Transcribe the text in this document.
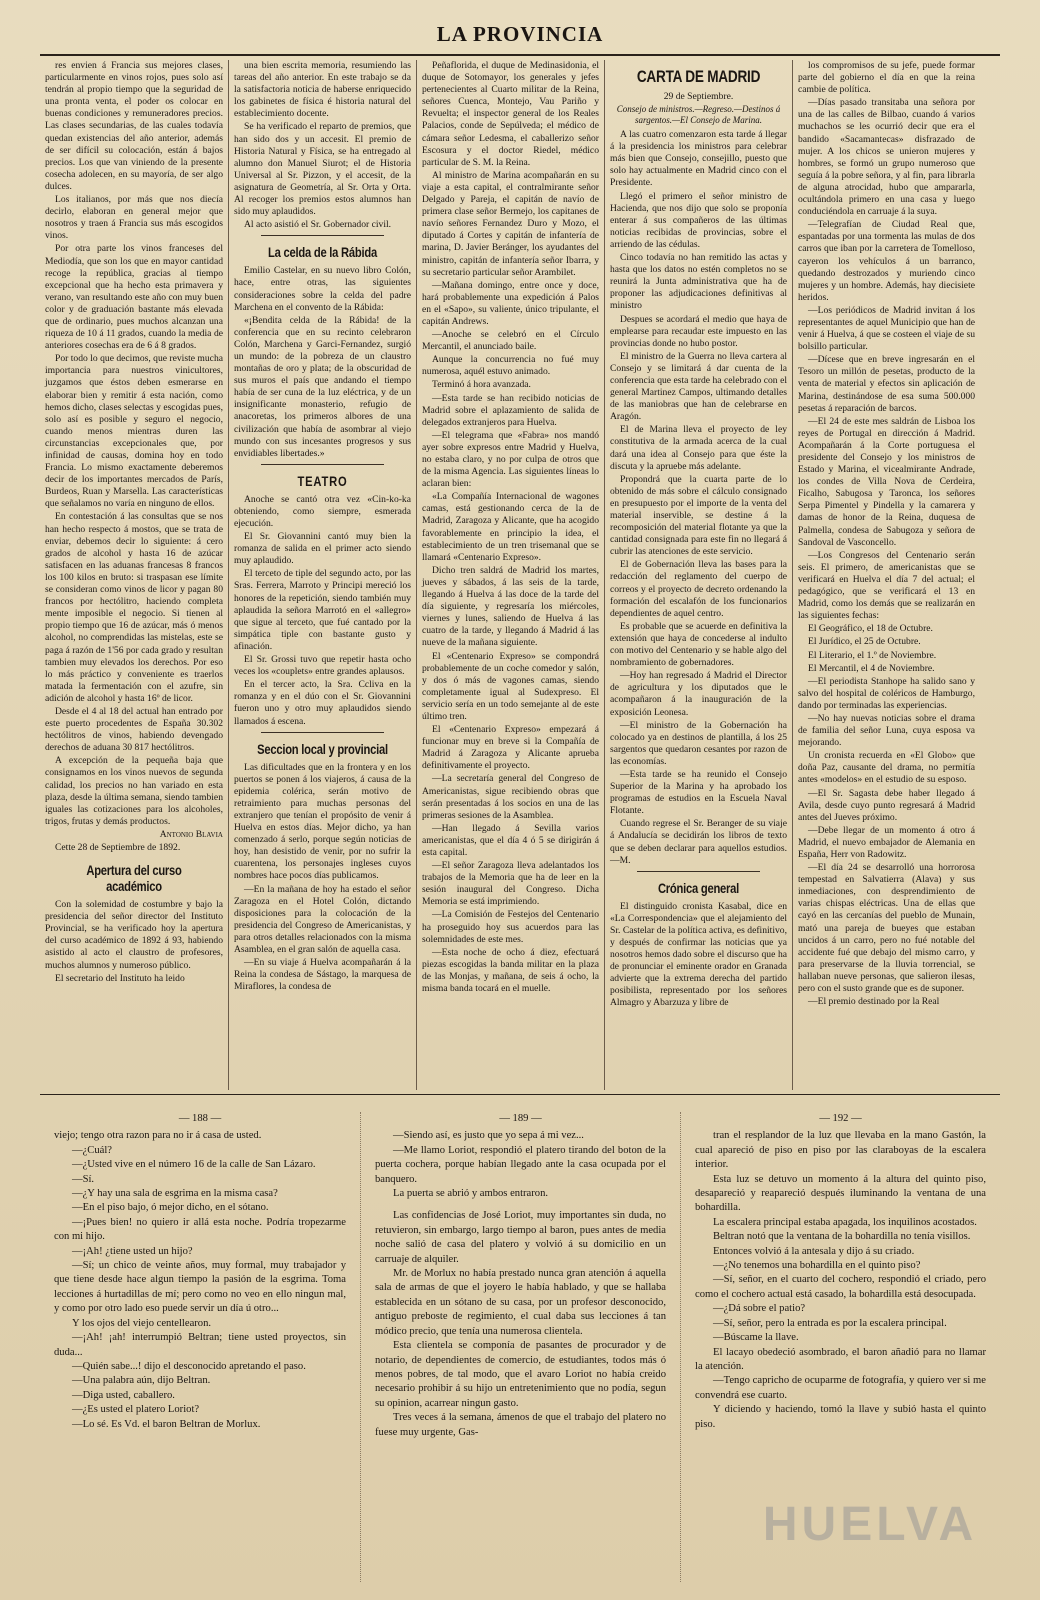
LA PROVINCIA

res envien á Francia sus mejores clases, particularmente en vinos rojos, pues solo así tendrán al propio tiempo que la seguridad de una pronta venta, el poder os colocar en buenas condiciones y remuneradores precios. Las clases secundarias, de las cuales todavía quedan existencias del año anterior, además de ser difícil su colocación, están á bajos precios. Los que van viniendo de la presente cosecha adolecen, en su mayoría, de ser algo dulces.

Los italianos, por más que nos diecía decirlo, elaboran en general mejor que nosotros y traen á Francia sus más escogidos vinos.

Por otra parte los vinos franceses del Mediodía, que son los que en mayor cantidad recoge la república, gracias al tiempo excepcional que ha hecho esta primavera y verano, van resultando este año con muy buen color y de graduación bastante más elevada que de ordinario, pues muchos alcanzan una riqueza de 10 á 11 grados, cuando la media de anteriores cosechas era de 6 á 8 grados.

Por todo lo que decimos, que reviste mucha importancia para nuestros vinicultores, juzgamos que éstos deben esmerarse en elaborar bien y remitir á esta nación, como hemos dicho, clases selectas y escogidas pues, solo así es posible y seguro el negocio, cuando menos mientras duren las circunstancias excepcionales que, por infinidad de causas, domina hoy en todo Francia. Lo mismo exactamente deberemos decir de los importantes mercados de París, Burdeos, Ruan y Marsella. Las características que señalamos no varía en ninguno de ellos.

En contestación á las consultas que se nos han hecho respecto á mostos, que se trata de enviar, debemos decir lo siguiente: á cero grados de alcohol y hasta 16 de azúcar satisfacen en las aduanas francesas 8 francos los 100 kilos en bruto: si traspasan ese límite se consideran como vinos de licor y pagan 80 francos por hectólitro, haciendo completa mente imposible el negocio. Si tienen al propio tiempo que 16 de azúcar, más ó menos alcohol, no comprendidas las mistelas, este se paga á razón de 1'56 por cada grado y resultan tambien muy elevados los derechos. Por eso lo más práctico y conveniente es traerlos matada la fermentación con el azufre, sin adición de alcohol y hasta 16º de licor.

Desde el 4 al 18 del actual han entrado por este puerto procedentes de España 30.302 hectólitros de vinos, habiendo devengado derechos de aduana 30 817 hectólitros.

A excepción de la pequeña baja que consignamos en los vinos nuevos de segunda calidad, los precios no han variado en esta plaza, desde la última semana, siendo tambien iguales las cotizaciones para los alcoholes, trigos, frutas y demás productos.

Antonio Blavia
Cette 28 de Septiembre de 1892.
Apertura del curso académico

Con la solemidad de costumbre y bajo la presidencia del señor director del Instituto Provincial, se ha verificado hoy la apertura del curso académico de 1892 á 93, habiendo asistido al acto el claustro de profesores, muchos alumnos y numeroso público.

El secretario del Instituto ha leido

una bien escrita memoria, resumiendo las tareas del año anterior. En este trabajo se da la satisfactoria noticia de haberse enriquecido los gabinetes de física é historia natural del establecimiento docente.

Se ha verificado el reparto de premios, que han sido dos y un accesit. El premio de Historia Natural y Física, se ha entregado al alumno don Manuel Siurot; el de Historia Universal al Sr. Pizzon, y el accesit, de la asignatura de Geometría, al Sr. Orta y Orta. Al recoger los premios estos alumnos han sido muy aplaudidos.

Al acto asistió el Sr. Gobernador civil.

La celda de la Rábida

Emilio Castelar, en su nuevo libro Colón, hace, entre otras, las siguientes consideraciones sobre la celda del padre Marchena en el convento de la Rábida:

«¡Bendita celda de la Rábida! de la conferencia que en su recinto celebraron Colón, Marchena y Garci-Fernandez, surgió un mundo: de la pobreza de un claustro montañas de oro y plata; de la obscuridad de sus muros el país que andando el tiempo había de ser cuna de la luz eléctrica, y de un insignificante monasterio, refugio de anacoretas, los primeros albores de una civilización que había de asombrar al viejo mundo con sus incesantes progresos y sus envidiables libertades.»

TEATRO

Anoche se cantó otra vez «Cin-ko-ka obteniendo, como siempre, esmerada ejecución.

El Sr. Giovannini cantó muy bien la romanza de salida en el primer acto siendo muy aplaudido.

El terceto de tiple del segundo acto, por las Sras. Ferrera, Marroto y Principi mereció los honores de la repetición, siendo también muy aplaudida la señora Marrotó en el «allegro» que sigue al terceto, que fué cantado por la simpática tiple con bastante gusto y afinación.

El Sr. Grossi tuvo que repetir hasta ocho veces los «couplets» entre grandes aplausos.

En el tercer acto, la Sra. Ccliva en la romanza y en el dúo con el Sr. Giovannini fueron uno y otro muy aplaudidos siendo llamados á escena.

Seccion local y provincial

Las dificultades que en la frontera y en los puertos se ponen á los viajeros, á causa de la epidemia colérica, serán motivo de retraimiento para muchas personas del extranjero que tenían el propósito de venir á Huelva en estos días. Mejor dicho, ya han comenzado á serlo, porque según noticias de hoy, han desistido de venir, por no sufrir la cuarentena, los personajes ingleses cuyos nombres hace pocos días publicamos.

—En la mañana de hoy ha estado el señor Zaragoza en el Hotel Colón, dictando disposiciones para la colocación de la presidencia del Congreso de Americanistas, y para otros detalles relacionados con la misma Asamblea, en el gran salón de aquella casa.

—En su viaje á Huelva acompañarán á la Reina la condesa de Sástago, la marquesa de Miraflores, la condesa de

Peñaflorida, el duque de Medinasidonia, el duque de Sotomayor, los generales y jefes pertenecientes al Cuarto militar de la Reina, señores Cuenca, Montejo, Vau Pariño y Revuelta; el inspector general de los Reales Palacios, conde de Sepúlveda; el médico de cámara señor Ledesma, el caballerizo señor Escosura y el doctor Riedel, médico particular de S. M. la Reina.

Al ministro de Marina acompañarán en su viaje a esta capital, el contralmirante señor Delgado y Pareja, el capitán de navío de primera clase señor Bermejo, los capitanes de navío señores Fernandez Duro y Mozo, el diputado á Cortes y capitán de infantería de marina, D. Javier Beránger, los ayudantes del ministro, capitán de infantería señor Ibarra, y su secretario particular señor Arambilet.

—Mañana domingo, entre once y doce, hará probablemente una expedición á Palos en el «Sapo», su valiente, único tripulante, el capitán Andrews.

—Anoche se celebró en el Círculo Mercantil, el anunciado baile.

Aunque la concurrencia no fué muy numerosa, aquél estuvo animado.

Terminó á hora avanzada.

—Esta tarde se han recibido noticias de Madrid sobre el aplazamiento de salida de delegados extranjeros para Huelva.

—El telegrama que «Fabra» nos mandó ayer sobre expresos entre Madrid y Huelva, no estaba claro, y no por culpa de otros que de la misma Agencia. Las siguientes líneas lo aclaran bien:

«La Compañía Internacional de wagones camas, está gestionando cerca de la de Madrid, Zaragoza y Alicante, que ha acogido favorablemente en principio la idea, el establecimiento de un tren trisemanal que se llamará «Centenario Expreso».

Dicho tren saldrá de Madrid los martes, jueves y sábados, á las seis de la tarde, llegando á Huelva á las doce de la tarde del día siguiente, y regresaría los miércoles, viernes y lunes, saliendo de Huelva á las cuatro de la tarde, y llegando á Madrid á las nueve de la mañana siguiente.

El «Centenario Expreso» se compondrá probablemente de un coche comedor y salón, y dos ó más de vagones camas, siendo completamente igual al Sudexpreso. El servicio sería en un todo semejante al de este último tren.

El «Centenario Expreso» empezará á funcionar muy en breve si la Compañía de Madrid á Zaragoza y Alicante aprueba definitivamente el proyecto.

—La secretaría general del Congreso de Americanistas, sigue recibiendo obras que serán presentadas á los socios en una de las primeras sesiones de la Asamblea.

—Han llegado á Sevilla varios americanistas, que el día 4 ó 5 se dirigirán á esta capital.

—El señor Zaragoza lleva adelantados los trabajos de la Memoria que ha de leer en la sesión inaugural del Congreso. Dicha Memoria se está imprimiendo.

—La Comisión de Festejos del Centenario ha proseguido hoy sus acuerdos para las solemnidades de este mes.

—Esta noche de ocho á diez, efectuará piezas escogidas la banda militar en la plaza de las Monjas, y mañana, de seis á ocho, la misma banda tocará en el muelle.

CARTA DE MADRID
29 de Septiembre.
Consejo de ministros.—Regreso.—Destinos á sargentos.—El Consejo de Marina.

A las cuatro comenzaron esta tarde á llegar á la presidencia los ministros para celebrar más bien que Consejo, consejillo, puesto que solo hay actualmente en Madrid cinco con el Presidente.

Llegó el primero el señor ministro de Hacienda, que nos dijo que solo se proponía enterar á sus compañeros de las últimas noticias recibidas de provincias, sobre el arriendo de las cédulas.

Cinco todavía no han remitido las actas y hasta que los datos no estén completos no se reunirá la Junta administrativa que ha de proponer las adjudicaciones definitivas al ministro

Despues se acordará el medio que haya de emplearse para recaudar este impuesto en las provincias donde no hubo postor.

El ministro de la Guerra no lleva cartera al Consejo y se limitará á dar cuenta de la conferencia que esta tarde ha celebrado con el general Martinez Campos, ultimando detalles de las maniobras que han de celebrarse en Aragón.

El de Marina lleva el proyecto de ley constitutiva de la armada acerca de la cual dará una idea al Consejo para que éste la discuta y la apruebe más adelante.

Propondrá que la cuarta parte de lo obtenido de más sobre el cálculo consignado en presupuesto por el importe de la venta del material inservible, se destine á la recomposición del material flotante ya que la cantidad consignada para este fin no llegará á cubrir las atenciones de este servicio.

El de Gobernación lleva las bases para la redacción del reglamento del cuerpo de correos y el proyecto de decreto ordenando la formación del escalafón de los funcionarios dependientes de aquel centro.

Es probable que se acuerde en definitiva la extensión que haya de concederse al indulto con motivo del Centenario y se hable algo del nombramiento de gobernadores.

—Hoy han regresado á Madrid el Director de agricultura y los diputados que le acompañaron á la inauguración de la exposición Leonesa.

—El ministro de la Gobernación ha colocado ya en destinos de plantilla, á los 25 sargentos que quedaron cesantes por razon de las economías.

—Esta tarde se ha reunido el Consejo Superior de la Marina y ha aprobado los programas de estudios en la Escuela Naval Flotante.

Cuando regrese el Sr. Beranger de su viaje á Andalucía se decidirán los libros de texto que se deben declarar para aquellos estudios.—M.

Crónica general

El distinguido cronista Kasabal, dice en «La Correspondencia» que el alejamiento del Sr. Castelar de la política activa, es definitivo, y después de confirmar las noticias que ya nosotros hemos dado sobre el discurso que ha de pronunciar el eminente orador en Granada advierte que la extrema derecha del partido posibilista, representado por los señores Almagro y Abarzuza y libre de

los compromisos de su jefe, puede formar parte del gobierno el día en que la reina cambie de política.

—Días pasado transitaba una señora por una de las calles de Bilbao, cuando á varios muchachos se les ocurrió decir que era el bandido «Sacamantecas» disfrazado de mujer. A los chicos se unieron mujeres y hombres, se formó un grupo numeroso que seguía á la pobre señora, y al fin, para librarla de alguna atrocidad, hubo que ampararla, ocultándola primero en una casa y luego conduciéndola en carruaje á la suya.

—Telegrafían de Ciudad Real que, espantadas por una tormenta las mulas de dos carros que iban por la carretera de Tomelloso, cayeron los vehículos á un barranco, quedando destrozados y muriendo cinco mujeres y un hombre. Además, hay diecisiete heridos.

—Los periódicos de Madrid invitan á los representantes de aquel Municipio que han de venir á Huelva, á que se costeen el viaje de su bolsillo particular.

—Dícese que en breve ingresarán en el Tesoro un millón de pesetas, producto de la venta de material y efectos sin aplicación de Marina, destinándose de esa suma 500.000 pesetas á reparación de barcos.

—El 24 de este mes saldrán de Lisboa los reyes de Portugal en dirección á Madrid. Acompañarán á la Corte portuguesa el presidente del Consejo y los ministros de Estado y Marina, el vicealmirante Andrade, los condes de Villa Nova de Cerdeira, Ficalho, Sabugosa y Taronca, los señores Serpa Pimentel y Pindella y la camarera y damas de honor de la Reina, duquesa de Palmella, condesa de Sabugoza y señora de Sandoval de Vasconcello.

—Los Congresos del Centenario serán seis. El primero, de americanistas que se verificará en Huelva el día 7 del actual; el pedagógico, que se verificará el 13 en Madrid, como los demás que se realizarán en las siguientes fechas:

El Geográfico, el 18 de Octubre.

El Jurídico, el 25 de Octubre.

El Literario, el 1.º de Noviembre.

El Mercantil, el 4 de Noviembre.

—El periodista Stanhope ha salido sano y salvo del hospital de coléricos de Hamburgo, dando por terminadas las experiencias.

—No hay nuevas noticias sobre el drama de familia del señor Luna, cuya esposa va mejorando.

Un cronista recuerda en «El Globo» que doña Paz, causante del drama, no permitía antes «modelos» en el estudio de su esposo.

—El Sr. Sagasta debe haber llegado á Avila, desde cuyo punto regresará á Madrid antes del Jueves próximo.

—Debe llegar de un momento á otro á Madrid, el nuevo embajador de Alemania en España, Herr von Radowitz.

—El día 24 se desarrolló una horrorosa tempestad en Salvatierra (Alava) y sus inmediaciones, con desprendimiento de varias chispas eléctricas. Una de ellas que cayó en las cercanías del pueblo de Munain, mató una pareja de bueyes que estaban uncidos á un carro, pero no fué notable del accidente fué que debajo del mismo carro, y para preservarse de la lluvia torrencial, se hallaban nueve personas, que salieron ilesas, pero con el susto grande que es de suponer.

—El premio destinado por la Real

— 188 —

viejo; tengo otra razon para no ir á casa de usted.

—¿Cuál?

—¿Usted vive en el número 16 de la calle de San Lázaro.

—Sí.

—¿Y hay una sala de esgrima en la misma casa?

—En el piso bajo, ó mejor dicho, en el sótano.

—¡Pues bien! no quiero ir allá esta noche. Podría tropezarme con mi hijo.

—¡Ah! ¿tiene usted un hijo?

—Sí; un chico de veinte años, muy formal, muy trabajador y que tiene desde hace algun tiempo la pasión de la esgrima. Toma lecciones á hurtadillas de mí; pero como no veo en ello ningun mal, y como por otro lado eso puede servir un día ú otro...

Y los ojos del viejo centellearon.

—¡Ah! ¡ah! interrumpió Beltran; tiene usted proyectos, sin duda...

—Quién sabe...! dijo el desconocido apretando el paso.

—Una palabra aún, dijo Beltran.

—Diga usted, caballero.

—¿Es usted el platero Loriot?

—Lo sé. Es Vd. el baron Beltran de Morlux.

— 189 —

—Siendo así, es justo que yo sepa á mi vez...

—Me llamo Loriot, respondió el platero tirando del boton de la puerta cochera, porque habían llegado ante la casa ocupada por el banquero.

La puerta se abrió y ambos entraron.

Las confidencias de José Loriot, muy importantes sin duda, no retuvieron, sin embargo, largo tiempo al baron, pues antes de media noche salió de casa del platero y volvió á su domicilio en un carruaje de alquiler.

Mr. de Morlux no había prestado nunca gran atención á aquella sala de armas de que el joyero le había hablado, y que se hallaba establecida en un sótano de su casa, por un profesor desconocido, antiguo preboste de regimiento, el cual daba sus lecciones á tan módico precio, que tenía una numerosa clientela.

Esta clientela se componía de pasantes de procurador y de notario, de dependientes de comercio, de estudiantes, todos más ó menos pobres, de tal modo, que el avaro Loriot no había creido necesario prohibir á su hijo un entretenimiento que no podía, segun su opinion, acarrear ningun gasto.

Tres veces á la semana, ámenos de que el trabajo del platero no fuese muy urgente, Gas-

— 192 —

tran el resplandor de la luz que llevaba en la mano Gastón, la cual apareció de piso en piso por las claraboyas de la escalera interior.

Esta luz se detuvo un momento á la altura del quinto piso, desapareció y reapareció después iluminando la ventana de una bohardilla.

La escalera principal estaba apagada, los inquilinos acostados.

Beltran notó que la ventana de la bohardilla no tenía visillos.

Entonces volvió á la antesala y dijo á su criado.

—¿No tenemos una bohardilla en el quinto piso?

—Sí, señor, en el cuarto del cochero, respondió el criado, pero como el cochero actual está casado, la bohardilla está desocupada.

—¿Dá sobre el patio?

—Sí, señor, pero la entrada es por la escalera principal.

—Búscame la llave.

El lacayo obedeció asombrado, el baron añadió para no llamar la atención.

—Tengo capricho de ocuparme de fotografía, y quiero ver si me convendrá ese cuarto.

Y diciendo y haciendo, tomó la llave y subió hasta el quinto piso.

HUELVA
